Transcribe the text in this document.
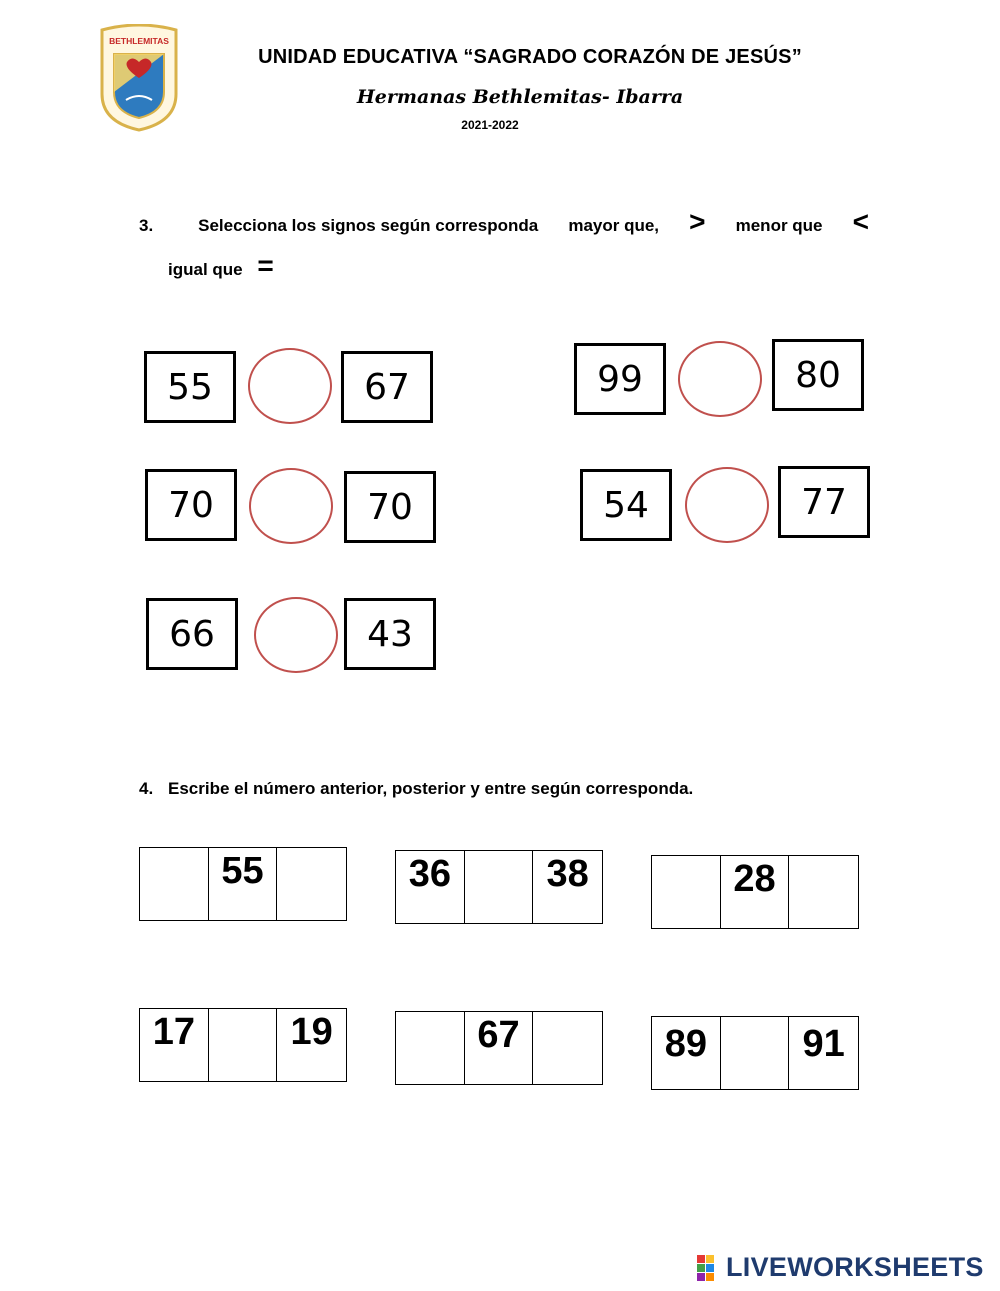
BETHLEMITAS
UNIDAD EDUCATIVA “SAGRADO CORAZÓN DE JESÚS”
Hermanas Bethlemitas- Ibarra
2021-2022
3.	Selecciona los signos según corresponda mayor que, > menor que <
igual que =
55	67	99	80
70	70	54	77
66	43
4. Escribe el número anterior, posterior y entre según corresponda.
55	36	38	28
17	19	67	89	91
LIVEWORKSHEETS
